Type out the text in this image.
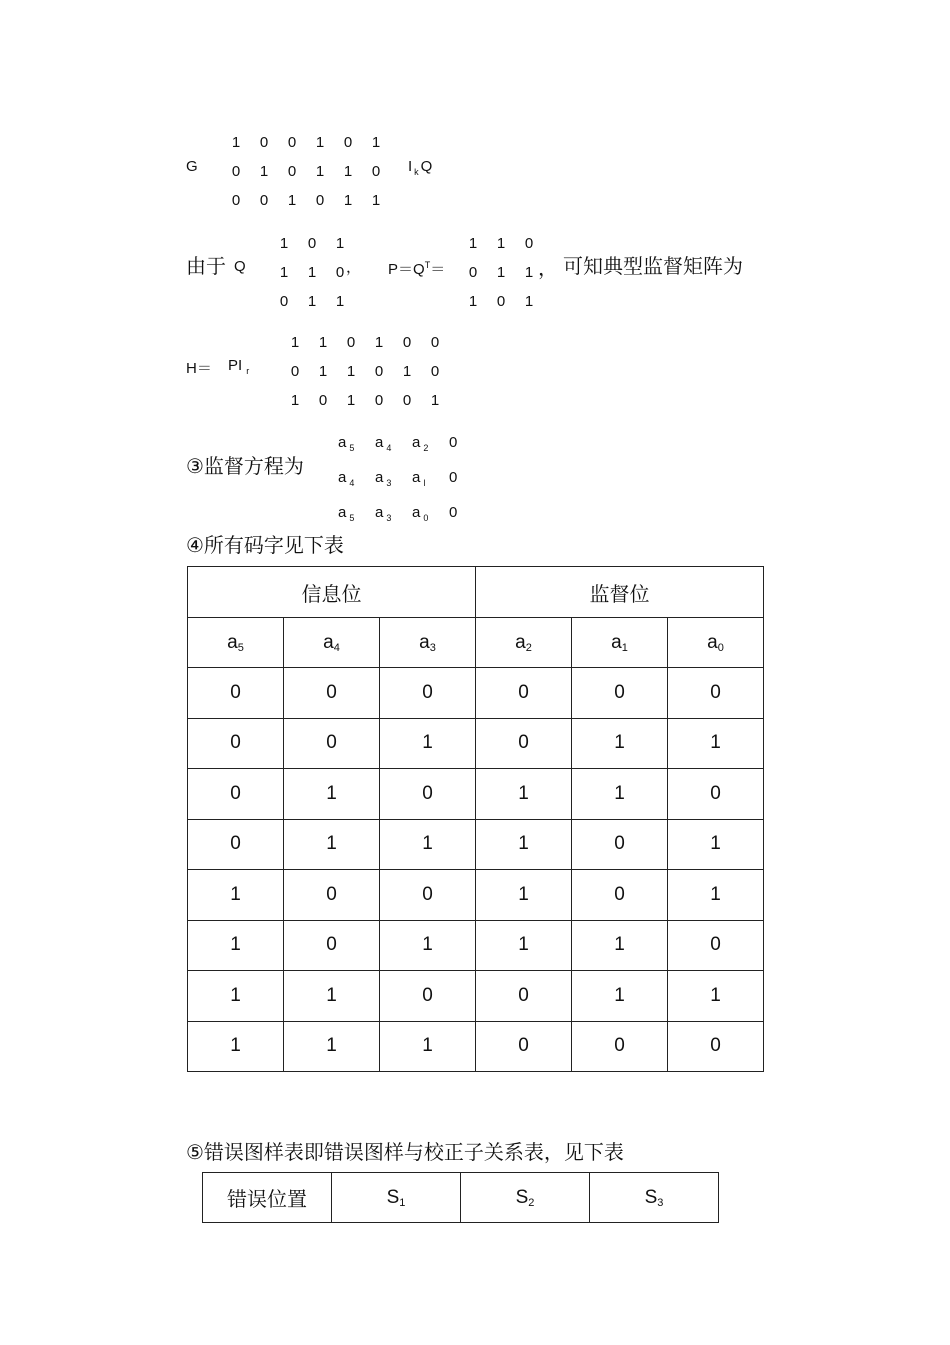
G
1 0 0 1 0 1
0 1 0 1 1 0
0 0 1 0 1 1
I $_k$ Q
由于 Q
1 0 1
1 1 0
0 1 1
， $P=Q^T=$
1 1 0
0 1 1
1 0 1
， 可知典型监督矩阵为
H＝ PI $_r$
1 1 0 1 0 0
0 1 1 0 1 0
1 0 1 0 0 1
③监督方程为
a $_5$ a $_4$ a $_2$ 0
a $_4$ a $_3$ a $_l$ 0
a $_5$ a $_3$ a $_0$ 0
④所有码字见下表
信息位			监督位		
a5	a4	a3	a2	a1	a0
0	0	0	0	0	0
0	0	1	0	1	1
0	1	0	1	1	0
0	1	1	1	0	1
1	0	0	1	0	1
1	0	1	1	1	0
1	1	0	0	1	1
1	1	1	0	0	0
⑤错误图样表即错误图样与校正子关系表，见下表
错误位置	S1	S2	S3
